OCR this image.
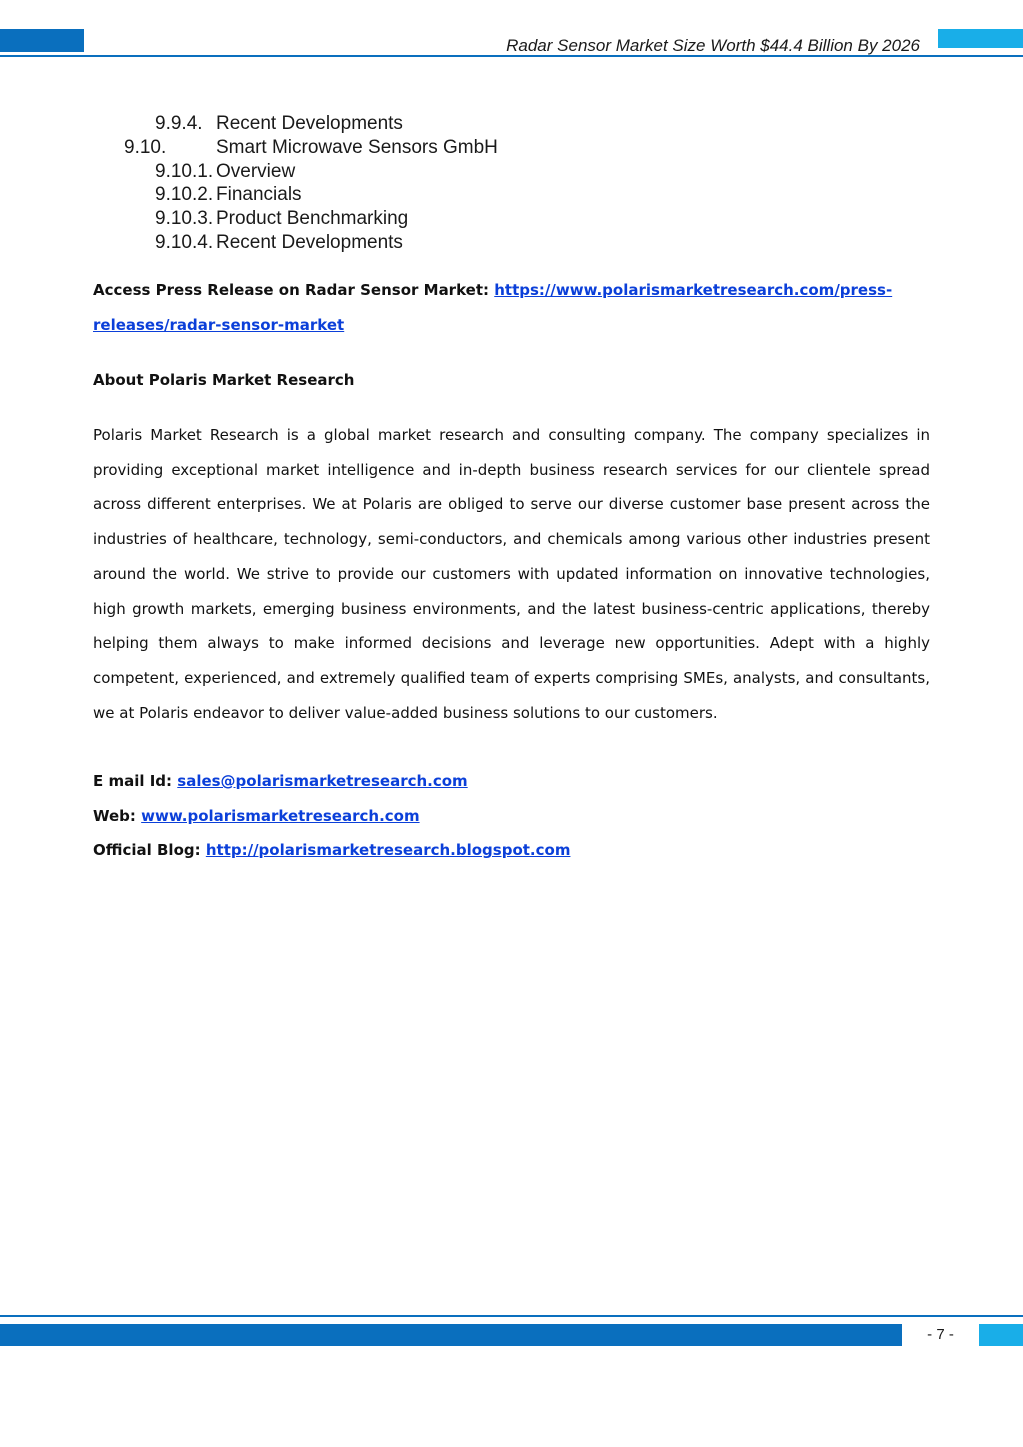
Radar Sensor Market Size Worth $44.4 Billion By 2026
9.9.4. Recent Developments
9.10.	Smart Microwave Sensors GmbH
9.10.1. Overview
9.10.2. Financials
9.10.3. Product Benchmarking
9.10.4. Recent Developments

Access Press Release on Radar Sensor Market: https://www.polarismarketresearch.com/press-
releases/radar-sensor-market

About Polaris Market Research

Polaris Market Research is a global market research and consulting company. The company specializes in providing exceptional market intelligence and in-depth business research services for our clientele spread across different enterprises. We at Polaris are obliged to serve our diverse customer base present across the industries of healthcare, technology, semi-conductors, and chemicals among various other industries present around the world. We strive to provide our customers with updated information on innovative technologies, high growth markets, emerging business environments, and the latest business-centric applications, thereby helping them always to make informed decisions and leverage new opportunities. Adept with a highly competent, experienced, and extremely qualified team of experts comprising SMEs, analysts, and consultants, we at Polaris endeavor to deliver value-added business solutions to our customers.

E mail Id: sales@polarismarketresearch.com
Web: www.polarismarketresearch.com
Official Blog: http://polarismarketresearch.blogspot.com
- 7 -
